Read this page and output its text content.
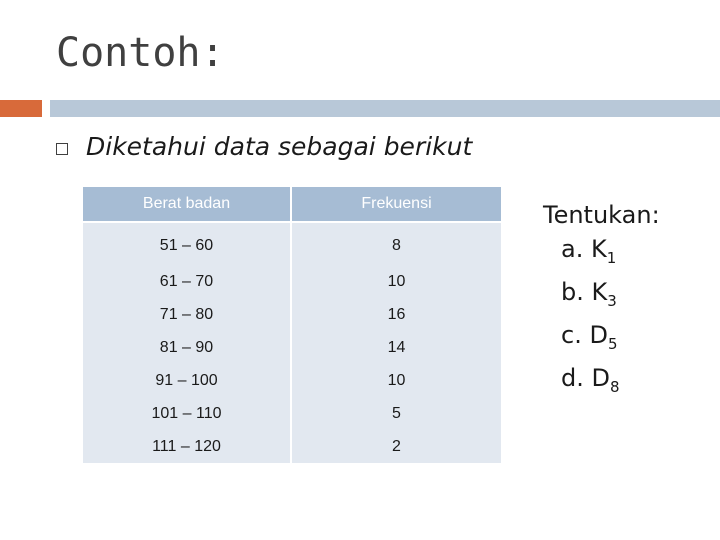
Contoh:
Diketahui data sebagai berikut
Berat badan	Frekuensi
51 – 60	8
61 – 70	10
71 – 80	16
81 – 90	14
91 – 100	10
101 – 110	5
111 – 120	2
Tentukan:
a. $K_1$
b. $K_3$
c. $D_5$
d. $D_8$
